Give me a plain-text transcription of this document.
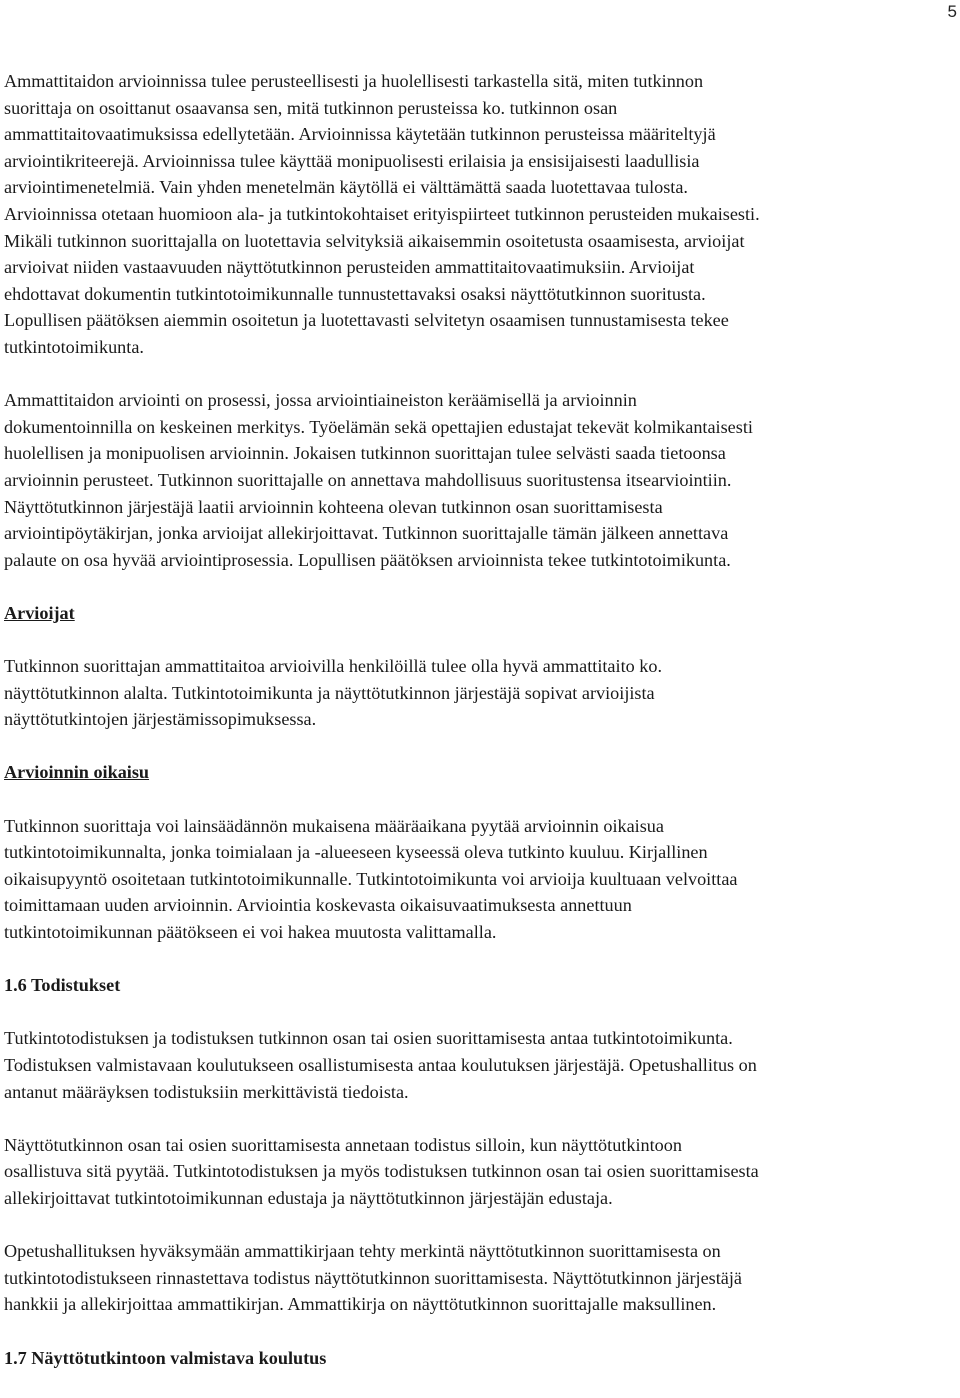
5

Ammattitaidon arvioinnissa tulee perusteellisesti ja huolellisesti tarkastella sitä, miten tutkinnon
suorittaja on osoittanut osaavansa sen, mitä tutkinnon perusteissa ko. tutkinnon osan
ammattitaitovaatimuksissa edellytetään. Arvioinnissa käytetään tutkinnon perusteissa määriteltyjä
arviointikriteerejä. Arvioinnissa tulee käyttää monipuolisesti erilaisia ja ensisijaisesti laadullisia
arviointimenetelmiä. Vain yhden menetelmän käytöllä ei välttämättä saada luotettavaa tulosta.
Arvioinnissa otetaan huomioon ala- ja tutkintokohtaiset erityispiirteet tutkinnon perusteiden mukaisesti.
Mikäli tutkinnon suorittajalla on luotettavia selvityksiä aikaisemmin osoitetusta osaamisesta, arvioijat
arvioivat niiden vastaavuuden näyttötutkinnon perusteiden ammattitaitovaatimuksiin. Arvioijat
ehdottavat dokumentin tutkintotoimikunnalle tunnustettavaksi osaksi näyttötutkinnon suoritusta.
Lopullisen päätöksen aiemmin osoitetun ja luotettavasti selvitetyn osaamisen tunnustamisesta tekee
tutkintotoimikunta.

Ammattitaidon arviointi on prosessi, jossa arviointiaineiston keräämisellä ja arvioinnin
dokumentoinnilla on keskeinen merkitys. Työelämän sekä opettajien edustajat tekevät kolmikantaisesti
huolellisen ja monipuolisen arvioinnin. Jokaisen tutkinnon suorittajan tulee selvästi saada tietoonsa
arvioinnin perusteet. Tutkinnon suorittajalle on annettava mahdollisuus suoritustensa itsearviointiin.
Näyttötutkinnon järjestäjä laatii arvioinnin kohteena olevan tutkinnon osan suorittamisesta
arviointipöytäkirjan, jonka arvioijat allekirjoittavat. Tutkinnon suorittajalle tämän jälkeen annettava
palaute on osa hyvää arviointiprosessia. Lopullisen päätöksen arvioinnista tekee tutkintotoimikunta.

Arvioijat

Tutkinnon suorittajan ammattitaitoa arvioivilla henkilöillä tulee olla hyvä ammattitaito ko.
näyttötutkinnon alalta. Tutkintotoimikunta ja näyttötutkinnon järjestäjä sopivat arvioijista
näyttötutkintojen järjestämissopimuksessa.

Arvioinnin oikaisu

Tutkinnon suorittaja voi lainsäädännön mukaisena määräaikana pyytää arvioinnin oikaisua
tutkintotoimikunnalta, jonka toimialaan ja -alueeseen kyseessä oleva tutkinto kuuluu. Kirjallinen
oikaisupyyntö osoitetaan tutkintotoimikunnalle. Tutkintotoimikunta voi arvioija kuultuaan velvoittaa
toimittamaan uuden arvioinnin. Arviointia koskevasta oikaisuvaatimuksesta annettuun
tutkintotoimikunnan päätökseen ei voi hakea muutosta valittamalla.

1.6 Todistukset

Tutkintotodistuksen ja todistuksen tutkinnon osan tai osien suorittamisesta antaa tutkintotoimikunta.
Todistuksen valmistavaan koulutukseen osallistumisesta antaa koulutuksen järjestäjä. Opetushallitus on
antanut määräyksen todistuksiin merkittävistä tiedoista.

Näyttötutkinnon osan tai osien suorittamisesta annetaan todistus silloin, kun näyttötutkintoon
osallistuva sitä pyytää. Tutkintotodistuksen ja myös todistuksen tutkinnon osan tai osien suorittamisesta
allekirjoittavat tutkintotoimikunnan edustaja ja näyttötutkinnon järjestäjän edustaja.

Opetushallituksen hyväksymään ammattikirjaan tehty merkintä näyttötutkinnon suorittamisesta on
tutkintotodistukseen rinnastettava todistus näyttötutkinnon suorittamisesta. Näyttötutkinnon järjestäjä
hankkii ja allekirjoittaa ammattikirjan. Ammattikirja on näyttötutkinnon suorittajalle maksullinen.

1.7 Näyttötutkintoon valmistava koulutus
